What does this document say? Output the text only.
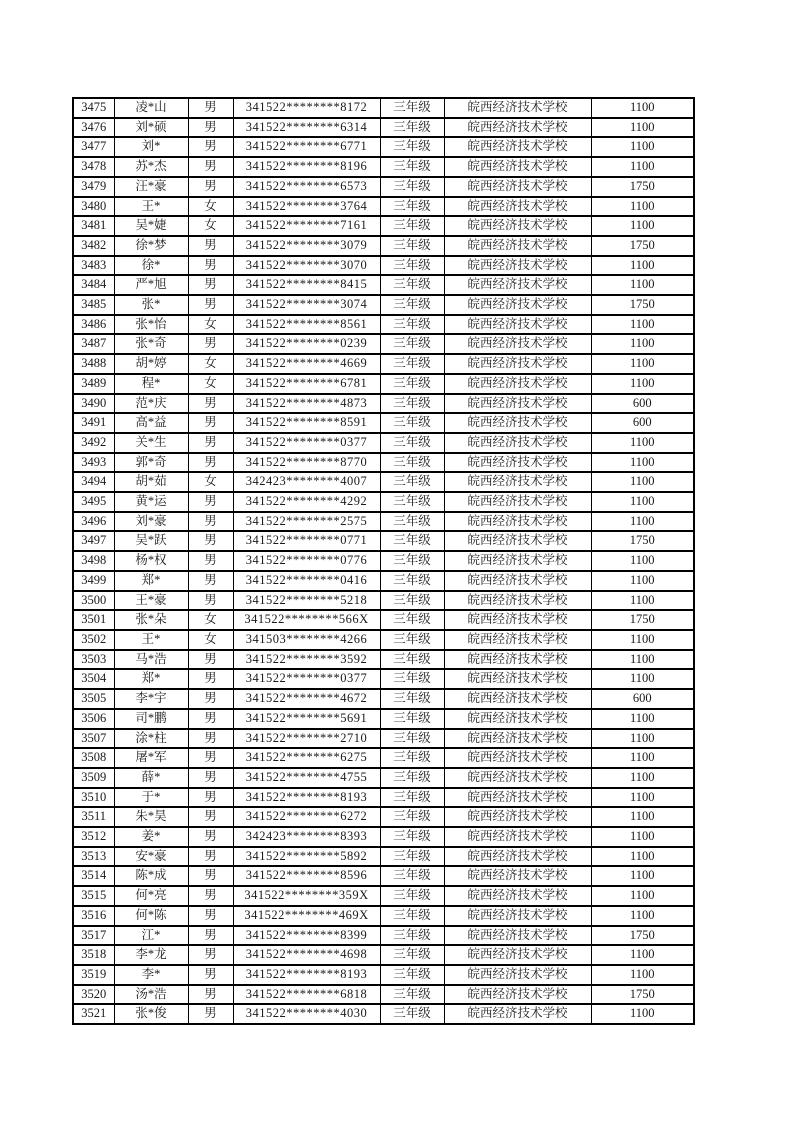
3475	凌*山	男	341522********8172	三年级	皖西经济技术学校	1100
3476	刘*硕	男	341522********6314	三年级	皖西经济技术学校	1100
3477	刘*	男	341522********6771	三年级	皖西经济技术学校	1100
3478	苏*杰	男	341522********8196	三年级	皖西经济技术学校	1100
3479	汪*豪	男	341522********6573	三年级	皖西经济技术学校	1750
3480	王*	女	341522********3764	三年级	皖西经济技术学校	1100
3481	吴*婕	女	341522********7161	三年级	皖西经济技术学校	1100
3482	徐*梦	男	341522********3079	三年级	皖西经济技术学校	1750
3483	徐*	男	341522********3070	三年级	皖西经济技术学校	1100
3484	严*旭	男	341522********8415	三年级	皖西经济技术学校	1100
3485	张*	男	341522********3074	三年级	皖西经济技术学校	1750
3486	张*怡	女	341522********8561	三年级	皖西经济技术学校	1100
3487	张*奇	男	341522********0239	三年级	皖西经济技术学校	1100
3488	胡*婷	女	341522********4669	三年级	皖西经济技术学校	1100
3489	程*	女	341522********6781	三年级	皖西经济技术学校	1100
3490	范*庆	男	341522********4873	三年级	皖西经济技术学校	600
3491	高*益	男	341522********8591	三年级	皖西经济技术学校	600
3492	关*生	男	341522********0377	三年级	皖西经济技术学校	1100
3493	郭*奇	男	341522********8770	三年级	皖西经济技术学校	1100
3494	胡*茹	女	342423********4007	三年级	皖西经济技术学校	1100
3495	黄*运	男	341522********4292	三年级	皖西经济技术学校	1100
3496	刘*豪	男	341522********2575	三年级	皖西经济技术学校	1100
3497	吴*跃	男	341522********0771	三年级	皖西经济技术学校	1750
3498	杨*权	男	341522********0776	三年级	皖西经济技术学校	1100
3499	郑*	男	341522********0416	三年级	皖西经济技术学校	1100
3500	王*豪	男	341522********5218	三年级	皖西经济技术学校	1100
3501	张*朵	女	341522********566X	三年级	皖西经济技术学校	1750
3502	王*	女	341503********4266	三年级	皖西经济技术学校	1100
3503	马*浩	男	341522********3592	三年级	皖西经济技术学校	1100
3504	郑*	男	341522********0377	三年级	皖西经济技术学校	1100
3505	李*宇	男	341522********4672	三年级	皖西经济技术学校	600
3506	司*鹏	男	341522********5691	三年级	皖西经济技术学校	1100
3507	涂*柱	男	341522********2710	三年级	皖西经济技术学校	1100
3508	屠*军	男	341522********6275	三年级	皖西经济技术学校	1100
3509	薛*	男	341522********4755	三年级	皖西经济技术学校	1100
3510	于*	男	341522********8193	三年级	皖西经济技术学校	1100
3511	朱*昊	男	341522********6272	三年级	皖西经济技术学校	1100
3512	姜*	男	342423********8393	三年级	皖西经济技术学校	1100
3513	安*豪	男	341522********5892	三年级	皖西经济技术学校	1100
3514	陈*成	男	341522********8596	三年级	皖西经济技术学校	1100
3515	何*亮	男	341522********359X	三年级	皖西经济技术学校	1100
3516	何*陈	男	341522********469X	三年级	皖西经济技术学校	1100
3517	江*	男	341522********8399	三年级	皖西经济技术学校	1750
3518	李*龙	男	341522********4698	三年级	皖西经济技术学校	1100
3519	李*	男	341522********8193	三年级	皖西经济技术学校	1100
3520	汤*浩	男	341522********6818	三年级	皖西经济技术学校	1750
3521	张*俊	男	341522********4030	三年级	皖西经济技术学校	1100
